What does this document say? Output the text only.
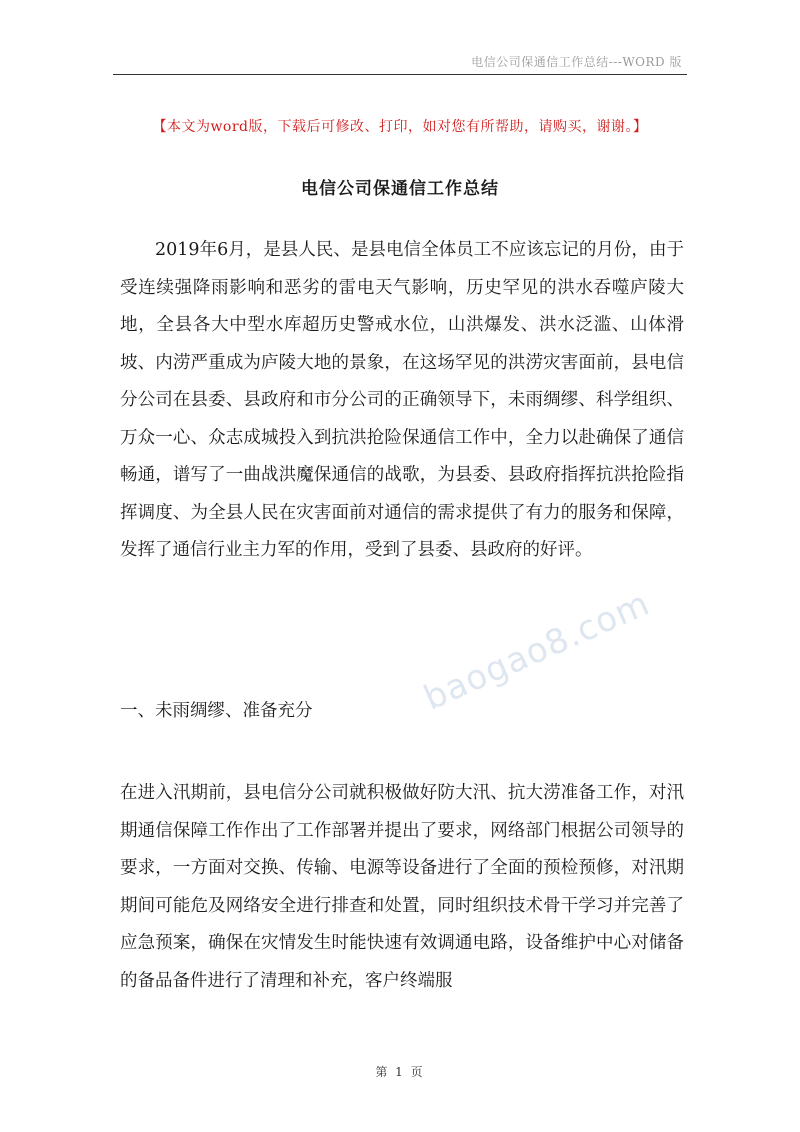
电信公司保通信工作总结---WORD 版
【本文为word版，下载后可修改、打印，如对您有所帮助，请购买，谢谢。】
电信公司保通信工作总结

2019年6月，是县人民、是县电信全体员工不应该忘记的月份，由于受连续强降雨影响和恶劣的雷电天气影响，历史罕见的洪水吞噬庐陵大地，全县各大中型水库超历史警戒水位，山洪爆发、洪水泛滥、山体滑坡、内涝严重成为庐陵大地的景象，在这场罕见的洪涝灾害面前，县电信分公司在县委、县政府和市分公司的正确领导下，未雨绸缪、科学组织、万众一心、众志成城投入到抗洪抢险保通信工作中，全力以赴确保了通信畅通，谱写了一曲战洪魔保通信的战歌，为县委、县政府指挥抗洪抢险指挥调度、为全县人民在灾害面前对通信的需求提供了有力的服务和保障，发挥了通信行业主力军的作用，受到了县委、县政府的好评。

一、未雨绸缪、准备充分

在进入汛期前，县电信分公司就积极做好防大汛、抗大涝准备工作，对汛期通信保障工作作出了工作部署并提出了要求，网络部门根据公司领导的要求，一方面对交换、传输、电源等设备进行了全面的预检预修，对汛期期间可能危及网络安全进行排查和处置，同时组织技术骨干学习并完善了应急预案，确保在灾情发生时能快速有效调通电路，设备维护中心对储备的备品备件进行了清理和补充，客户终端服

baogao8.com
第 1 页
